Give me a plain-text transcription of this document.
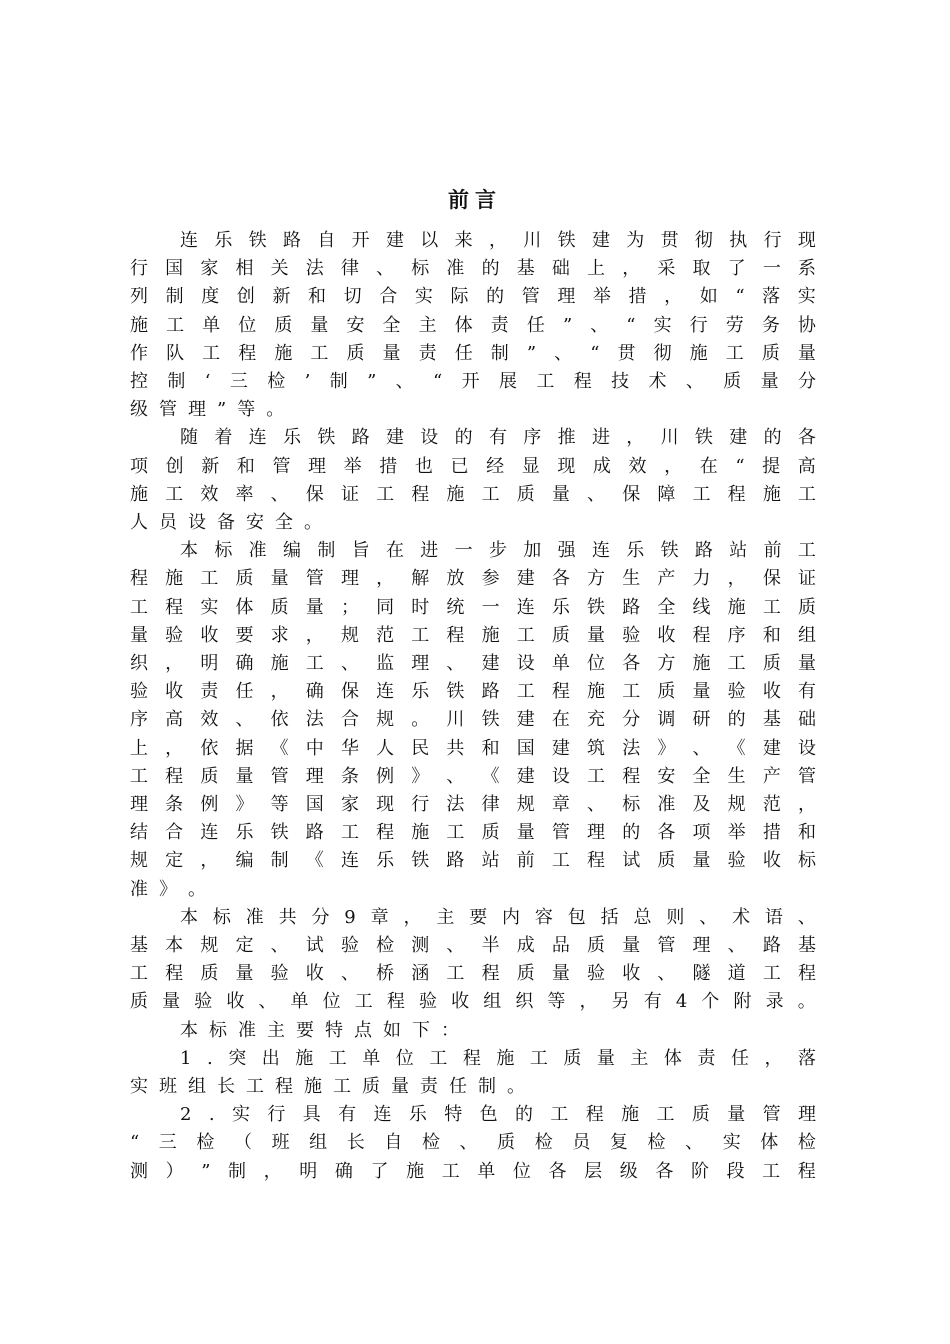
前言
连 乐 铁 路 自 开 建 以 来 ， 川 铁 建 为 贯 彻 执 行 现
行 国 家 相 关 法 律 、 标 准 的 基 础 上 ， 采 取 了 一 系
列 制 度 创 新 和 切 合 实 际 的 管 理 举 措 ， 如 “ 落 实
施 工 单 位 质 量 安 全 主 体 责 任 ” 、 “ 实 行 劳 务 协
作 队 工 程 施 工 质 量 责 任 制 ” 、 “ 贯 彻 施 工 质 量
控 制 ‘ 三 检 ’ 制 ” 、 “ 开 展 工 程 技 术 、 质 量 分
级 管 理 ” 等 。
随 着 连 乐 铁 路 建 设 的 有 序 推 进 ， 川 铁 建 的 各
项 创 新 和 管 理 举 措 也 已 经 显 现 成 效 ， 在 “ 提 高
施 工 效 率 、 保 证 工 程 施 工 质 量 、 保 障 工 程 施 工
人 员 设 备 安 全 。
本 标 准 编 制 旨 在 进 一 步 加 强 连 乐 铁 路 站 前 工
程 施 工 质 量 管 理 ， 解 放 参 建 各 方 生 产 力 ， 保 证
工 程 实 体 质 量 ； 同 时 统 一 连 乐 铁 路 全 线 施 工 质
量 验 收 要 求 ， 规 范 工 程 施 工 质 量 验 收 程 序 和 组
织 ， 明 确 施 工 、 监 理 、 建 设 单 位 各 方 施 工 质 量
验 收 责 任 ， 确 保 连 乐 铁 路 工 程 施 工 质 量 验 收 有
序 高 效 、 依 法 合 规 。 川 铁 建 在 充 分 调 研 的 基 础
上 ， 依 据 《 中 华 人 民 共 和 国 建 筑 法 》 、 《 建 设
工 程 质 量 管 理 条 例 》 、 《 建 设 工 程 安 全 生 产 管
理 条 例 》 等 国 家 现 行 法 律 规 章 、 标 准 及 规 范 ，
结 合 连 乐 铁 路 工 程 施 工 质 量 管 理 的 各 项 举 措 和
规 定 ， 编 制 《 连 乐 铁 路 站 前 工 程 试 质 量 验 收 标
准 》 。
本 标 准 共 分 9 章 ， 主 要 内 容 包 括 总 则 、 术 语 、
基 本 规 定 、 试 验 检 测 、 半 成 品 质 量 管 理 、 路 基
工 程 质 量 验 收 、 桥 涵 工 程 质 量 验 收 、 隧 道 工 程
质 量 验 收 、 单 位 工 程 验 收 组 织 等 ， 另 有 4 个 附 录 。
本 标 准 主 要 特 点 如 下 ：
1 . 突 出 施 工 单 位 工 程 施 工 质 量 主 体 责 任 ， 落
实 班 组 长 工 程 施 工 质 量 责 任 制 。
2 . 实 行 具 有 连 乐 特 色 的 工 程 施 工 质 量 管 理
“ 三 检 （ 班 组 长 自 检 、 质 检 员 复 检 、 实 体 检
测 ） ” 制 ， 明 确 了 施 工 单 位 各 层 级 各 阶 段 工 程
